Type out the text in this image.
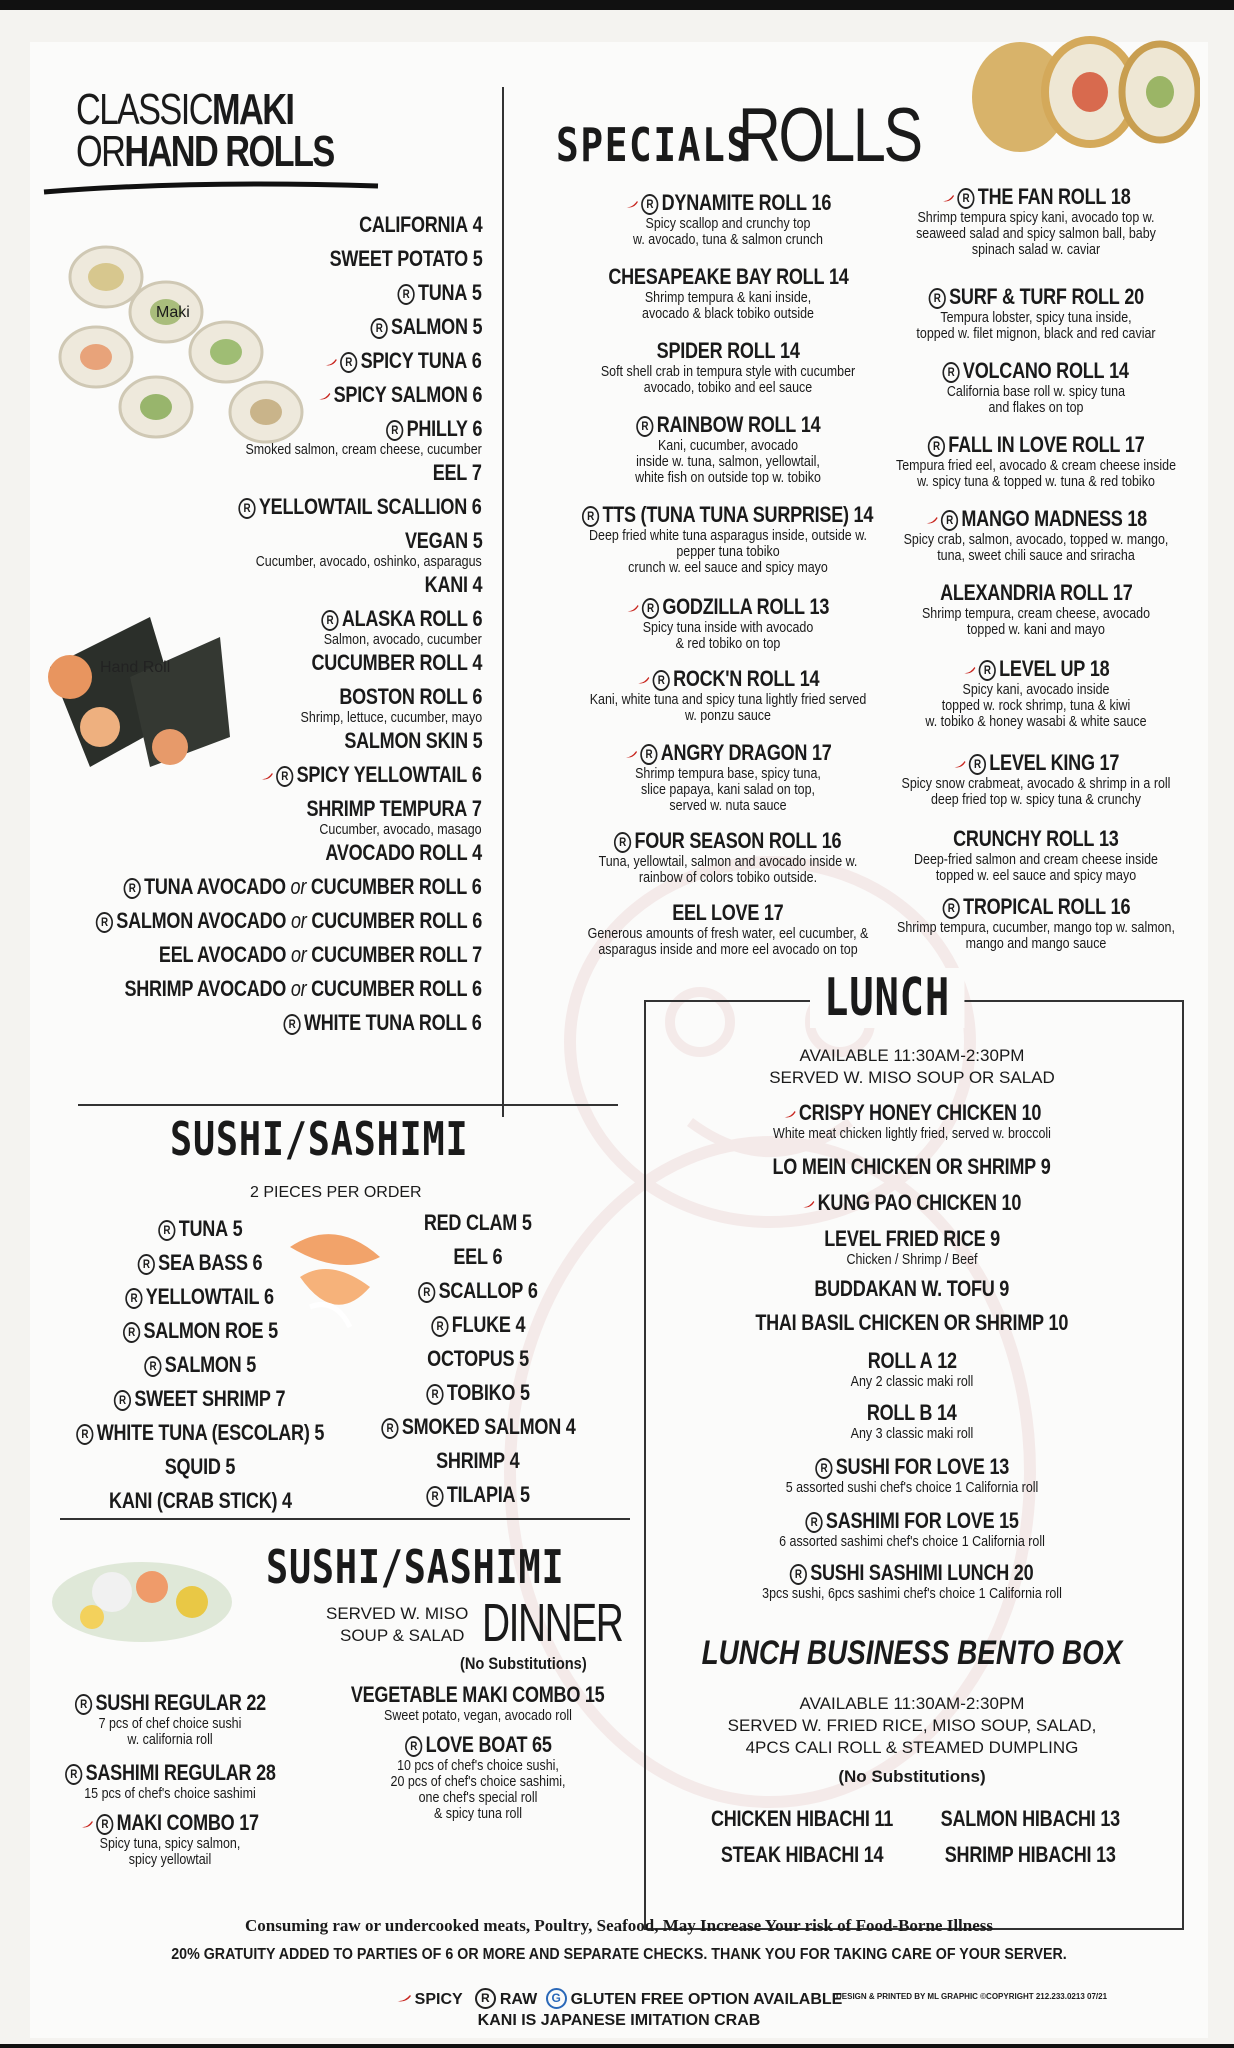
CLASSICMAKI
ORHAND ROLLS
Maki
Hand Roll
CALIFORNIA 4
SWEET POTATO 5
R TUNA 5
R SALMON 5
R SPICY TUNA 6
SPICY SALMON 6
R PHILLY 6
Smoked salmon, cream cheese, cucumber
EEL 7
R YELLOWTAIL SCALLION 6
VEGAN 5
Cucumber, avocado, oshinko, asparagus
KANI 4
R ALASKA ROLL 6
Salmon, avocado, cucumber
CUCUMBER ROLL 4
BOSTON ROLL 6
Shrimp, lettuce, cucumber, mayo
SALMON SKIN 5
R SPICY YELLOWTAIL 6
SHRIMP TEMPURA 7
Cucumber, avocado, masago
AVOCADO ROLL 4
R TUNA AVOCADO or CUCUMBER ROLL 6
R SALMON AVOCADO or CUCUMBER ROLL 6
EEL AVOCADO or CUCUMBER ROLL 7
SHRIMP AVOCADO or CUCUMBER ROLL 6
R WHITE TUNA ROLL 6
SPECIALSROLLS
R DYNAMITE ROLL 16
Spicy scallop and crunchy top
w. avocado, tuna & salmon crunch
CHESAPEAKE BAY ROLL 14
Shrimp tempura & kani inside,
avocado & black tobiko outside
SPIDER ROLL 14
Soft shell crab in tempura style with cucumber
avocado, tobiko and eel sauce
R RAINBOW ROLL 14
Kani, cucumber, avocado
inside w. tuna, salmon, yellowtail,
white fish on outside top w. tobiko
R TTS (TUNA TUNA SURPRISE) 14
Deep fried white tuna asparagus inside, outside w.
pepper tuna tobiko
crunch w. eel sauce and spicy mayo
R GODZILLA ROLL 13
Spicy tuna inside with avocado
& red tobiko on top
R ROCK'N ROLL 14
Kani, white tuna and spicy tuna lightly fried served
w. ponzu sauce
R ANGRY DRAGON 17
Shrimp tempura base, spicy tuna,
slice papaya, kani salad on top,
served w. nuta sauce
R FOUR SEASON ROLL 16
Tuna, yellowtail, salmon and avocado inside w.
rainbow of colors tobiko outside.
EEL LOVE 17
Generous amounts of fresh water, eel cucumber, &
asparagus inside and more eel avocado on top
R THE FAN ROLL 18
Shrimp tempura spicy kani, avocado top w.
seaweed salad and spicy salmon ball, baby
spinach salad w. caviar
R SURF & TURF ROLL 20
Tempura lobster, spicy tuna inside,
topped w. filet mignon, black and red caviar
R VOLCANO ROLL 14
California base roll w. spicy tuna
and flakes on top
R FALL IN LOVE ROLL 17
Tempura fried eel, avocado & cream cheese inside
w. spicy tuna & topped w. tuna & red tobiko
R MANGO MADNESS 18
Spicy crab, salmon, avocado, topped w. mango,
tuna, sweet chili sauce and sriracha
ALEXANDRIA ROLL 17
Shrimp tempura, cream cheese, avocado
topped w. kani and mayo
R LEVEL UP 18
Spicy kani, avocado inside
topped w. rock shrimp, tuna & kiwi
w. tobiko & honey wasabi & white sauce
R LEVEL KING 17
Spicy snow crabmeat, avocado & shrimp in a roll
deep fried top w. spicy tuna & crunchy
CRUNCHY ROLL 13
Deep-fried salmon and cream cheese inside
topped w. eel sauce and spicy mayo
R TROPICAL ROLL 16
Shrimp tempura, cucumber, mango top w. salmon,
mango and mango sauce
SUSHI/SASHIMI
2 PIECES PER ORDER
R TUNA 5
R SEA BASS 6
R YELLOWTAIL 6
R SALMON ROE 5
R SALMON 5
R SWEET SHRIMP 7
R WHITE TUNA (ESCOLAR) 5
SQUID 5
KANI (CRAB STICK) 4
RED CLAM 5
EEL 6
R SCALLOP 6
R FLUKE 4
OCTOPUS 5
R TOBIKO 5
R SMOKED SALMON 4
SHRIMP 4
R TILAPIA 5
SUSHI/SASHIMI
SERVED W. MISO
SOUP & SALAD DINNER
(No Substitutions)
R SUSHI REGULAR 22
7 pcs of chef choice sushi
w. california roll
R SASHIMI REGULAR 28
15 pcs of chef's choice sashimi
R MAKI COMBO 17
Spicy tuna, spicy salmon,
spicy yellowtail
VEGETABLE MAKI COMBO 15
Sweet potato, vegan, avocado roll
R LOVE BOAT 65
10 pcs of chef's choice sushi,
20 pcs of chef's choice sashimi,
one chef's special roll
& spicy tuna roll
LUNCH
AVAILABLE 11:30AM-2:30PM
SERVED W. MISO SOUP OR SALAD
CRISPY HONEY CHICKEN 10
White meat chicken lightly fried, served w. broccoli
LO MEIN CHICKEN OR SHRIMP 9
KUNG PAO CHICKEN 10
LEVEL FRIED RICE 9
Chicken / Shrimp / Beef
BUDDAKAN W. TOFU 9
THAI BASIL CHICKEN OR SHRIMP 10
ROLL A 12
Any 2 classic maki roll
ROLL B 14
Any 3 classic maki roll
R SUSHI FOR LOVE 13
5 assorted sushi chef's choice 1 California roll
R SASHIMI FOR LOVE 15
6 assorted sashimi chef's choice 1 California roll
R SUSHI SASHIMI LUNCH 20
3pcs sushi, 6pcs sashimi chef's choice 1 California roll
LUNCH BUSINESS BENTO BOX
AVAILABLE 11:30AM-2:30PM
SERVED W. FRIED RICE, MISO SOUP, SALAD,
4PCS CALI ROLL & STEAMED DUMPLING
(No Substitutions)
CHICKEN HIBACHI 11	SALMON HIBACHI 13
STEAK HIBACHI 14	SHRIMP HIBACHI 13
Consuming raw or undercooked meats, Poultry, Seafood, May Increase Your risk of Food-Borne Illness
20% GRATUITY ADDED TO PARTIES OF 6 OR MORE AND SEPARATE CHECKS. THANK YOU FOR TAKING CARE OF YOUR SERVER.
SPICY R RAW G GLUTEN FREE OPTION AVAILABLE
KANI IS JAPANESE IMITATION CRAB
DESIGN & PRINTED BY ML GRAPHIC ©COPYRIGHT 212.233.0213 07/21
